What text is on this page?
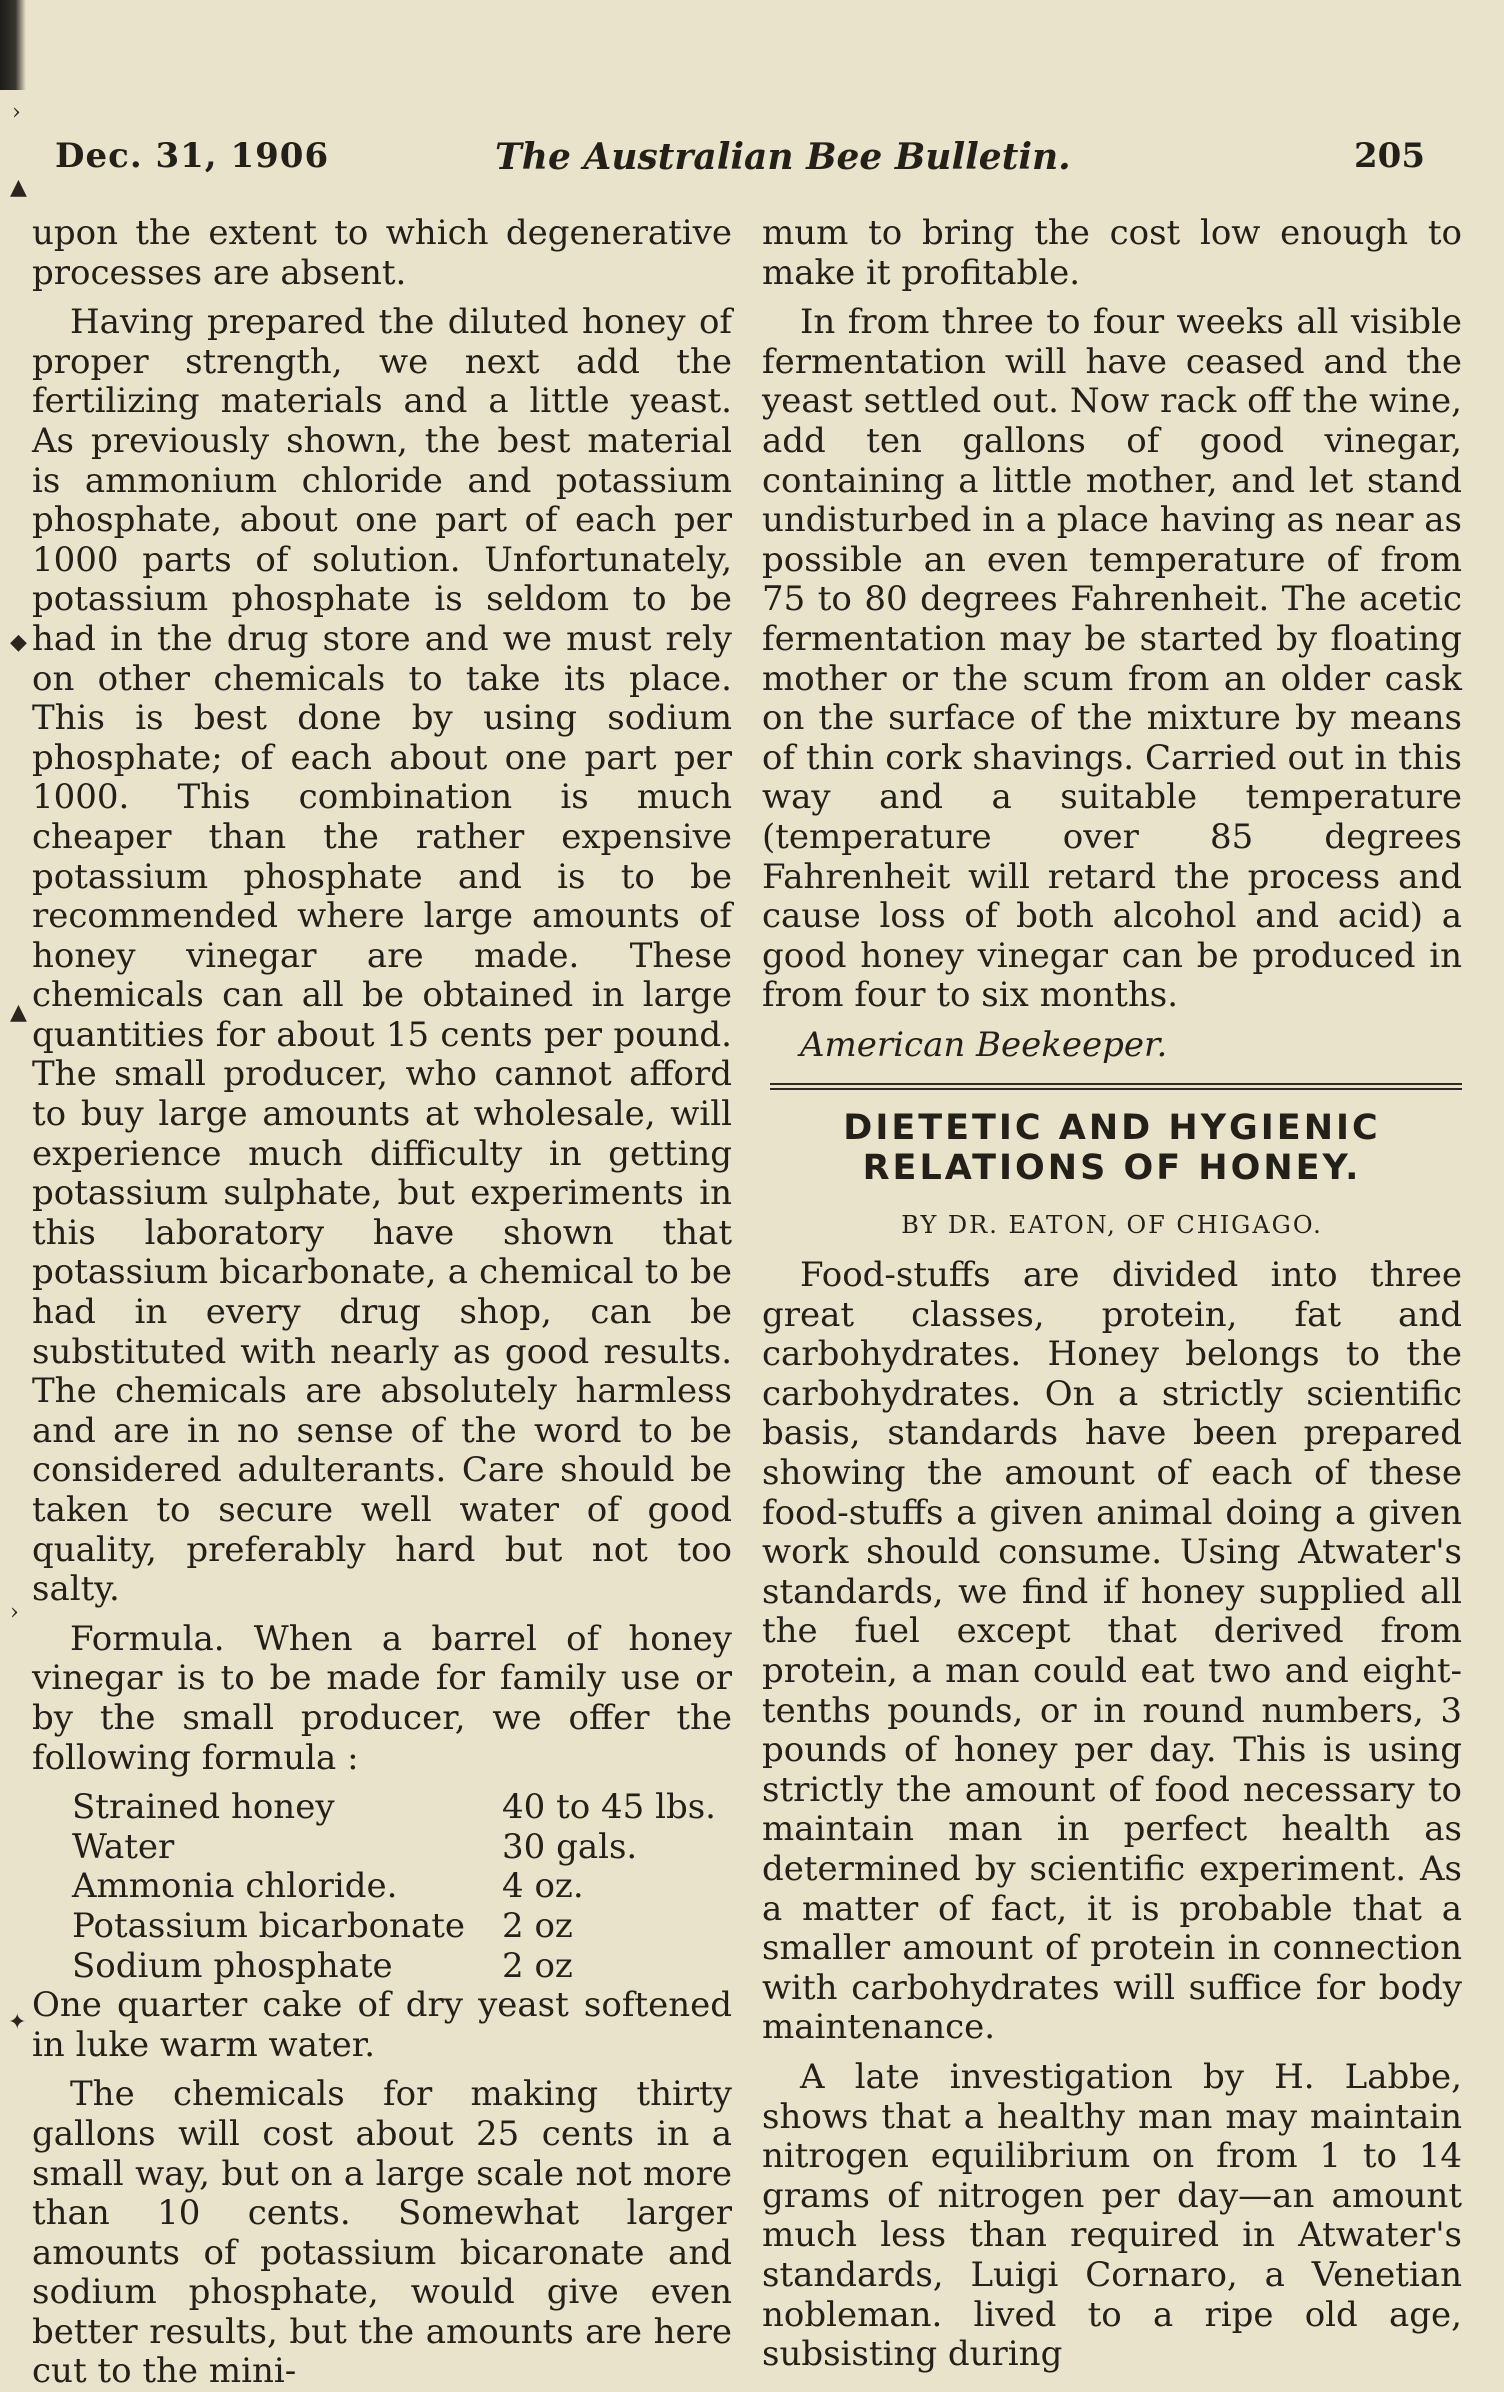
Dec. 31, 1906	The Australian Bee Bulletin.	205

upon the extent to which degenerative processes are absent.

Having prepared the diluted honey of proper strength, we next add the fertilizing materials and a little yeast. As previously shown, the best material is ammonium chloride and potassium phosphate, about one part of each per 1000 parts of solution. Unfortunately, potassium phosphate is seldom to be had in the drug store and we must rely on other chemicals to take its place. This is best done by using sodium phosphate; of each about one part per 1000. This combination is much cheaper than the rather expensive potassium phosphate and is to be recommended where large amounts of honey vinegar are made. These chemicals can all be obtained in large quantities for about 15 cents per pound. The small producer, who cannot afford to buy large amounts at wholesale, will experience much difficulty in getting potassium sulphate, but experiments in this laboratory have shown that potassium bicarbonate, a chemical to be had in every drug shop, can be substituted with nearly as good results. The chemicals are absolutely harmless and are in no sense of the word to be considered adulterants. Care should be taken to secure well water of good quality, preferably hard but not too salty.

Formula. When a barrel of honey vinegar is to be made for family use or by the small producer, we offer the following formula :

Strained honey	40 to 45 lbs.
Water	30 gals.
Ammonia chloride.	4 oz.
Potassium bicarbonate	2 oz
Sodium phosphate	2 oz

One quarter cake of dry yeast softened in luke warm water.

The chemicals for making thirty gallons will cost about 25 cents in a small way, but on a large scale not more than 10 cents. Somewhat larger amounts of potassium bicaronate and sodium phosphate, would give even better results, but the amounts are here cut to the mini-

mum to bring the cost low enough to make it profitable.

In from three to four weeks all visible fermentation will have ceased and the yeast settled out. Now rack off the wine, add ten gallons of good vinegar, containing a little mother, and let stand undisturbed in a place having as near as possible an even temperature of from 75 to 80 degrees Fahrenheit. The acetic fermentation may be started by floating mother or the scum from an older cask on the surface of the mixture by means of thin cork shavings. Carried out in this way and a suitable temperature (temperature over 85 degrees Fahrenheit will retard the process and cause loss of both alcohol and acid) a good honey vinegar can be produced in from four to six months.

American Beekeeper.

DIETETIC AND HYGIENIC RELATIONS OF HONEY.
BY DR. EATON, OF CHIGAGO.

Food-stuffs are divided into three great classes, protein, fat and carbohydrates. Honey belongs to the carbohydrates. On a strictly scientific basis, standards have been prepared showing the amount of each of these food-stuffs a given animal doing a given work should consume. Using Atwater's standards, we find if honey supplied all the fuel except that derived from protein, a man could eat two and eight-tenths pounds, or in round numbers, 3 pounds of honey per day. This is using strictly the amount of food necessary to maintain man in perfect health as determined by scientific experiment. As a matter of fact, it is probable that a smaller amount of protein in connection with carbohydrates will suffice for body maintenance.

A late investigation by H. Labbe, shows that a healthy man may maintain nitrogen equilibrium on from 1 to 14 grams of nitrogen per day—an amount much less than required in Atwater's standards, Luigi Cornaro, a Venetian nobleman. lived to a ripe old age, subsisting during

›
▲
◆
▲
›
✦
